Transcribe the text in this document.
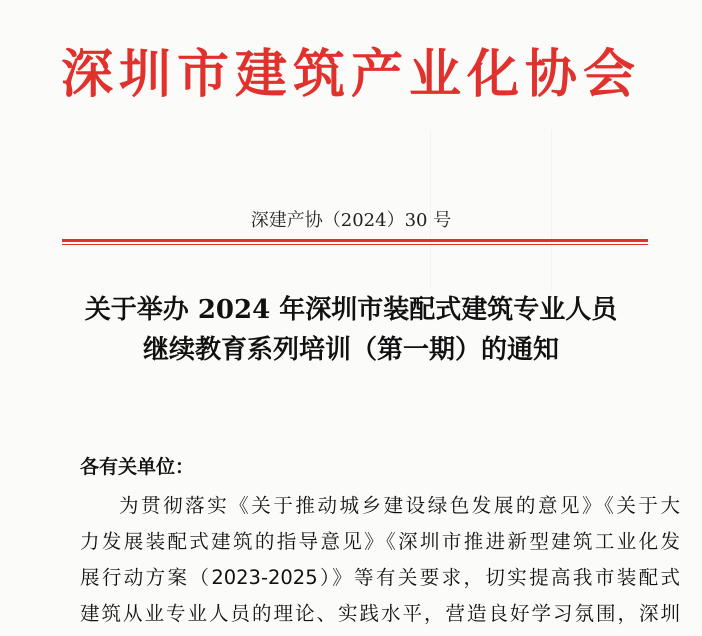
深圳市建筑产业化协会
深建产协（2024）30 号
关于举办 2024 年深圳市装配式建筑专业人员
继续教育系列培训（第一期）的通知
各有关单位：
为贯彻落实《关于推动城乡建设绿色发展的意见》《关于大
力发展装配式建筑的指导意见》《深圳市推进新型建筑工业化发
展行动方案（2023-2025）》等有关要求，切实提高我市装配式
建筑从业专业人员的理论、实践水平，营造良好学习氛围，深圳
